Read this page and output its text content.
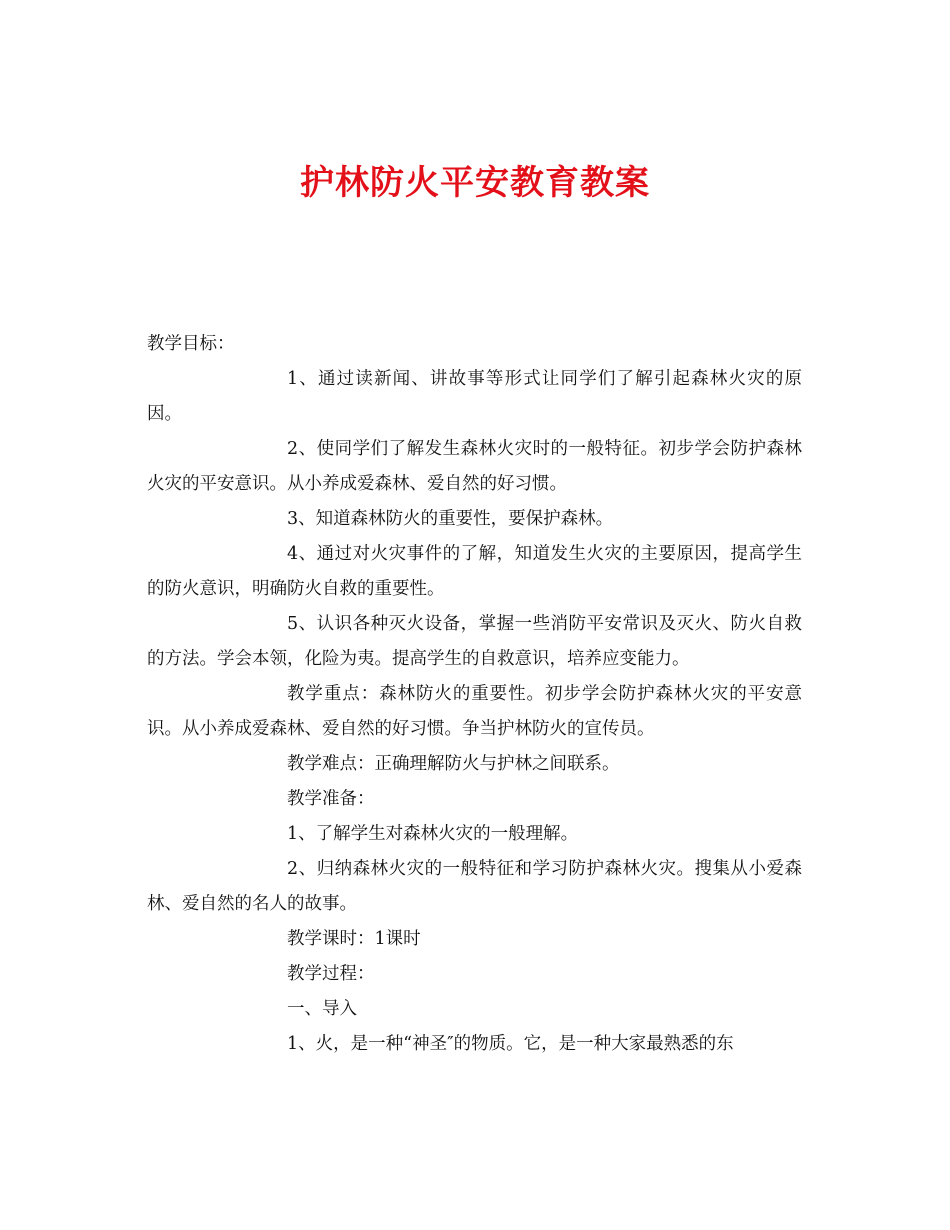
护林防火平安教育教案

教学目标：

1、通过读新闻、讲故事等形式让同学们了解引起森林火灾的原因。

2、使同学们了解发生森林火灾时的一般特征。初步学会防护森林火灾的平安意识。从小养成爱森林、爱自然的好习惯。

3、知道森林防火的重要性，要保护森林。

4、通过对火灾事件的了解，知道发生火灾的主要原因，提高学生的防火意识，明确防火自救的重要性。

5、认识各种灭火设备，掌握一些消防平安常识及灭火、防火自救的方法。学会本领，化险为夷。提高学生的自救意识，培养应变能力。

教学重点：森林防火的重要性。初步学会防护森林火灾的平安意识。从小养成爱森林、爱自然的好习惯。争当护林防火的宣传员。

教学难点：正确理解防火与护林之间联系。

教学准备：

1、了解学生对森林火灾的一般理解。

2、归纳森林火灾的一般特征和学习防护森林火灾。搜集从小爱森林、爱自然的名人的故事。

教学课时：1课时

教学过程：

一、导入

1、火，是一种“神圣″的物质。它，是一种大家最熟悉的东
